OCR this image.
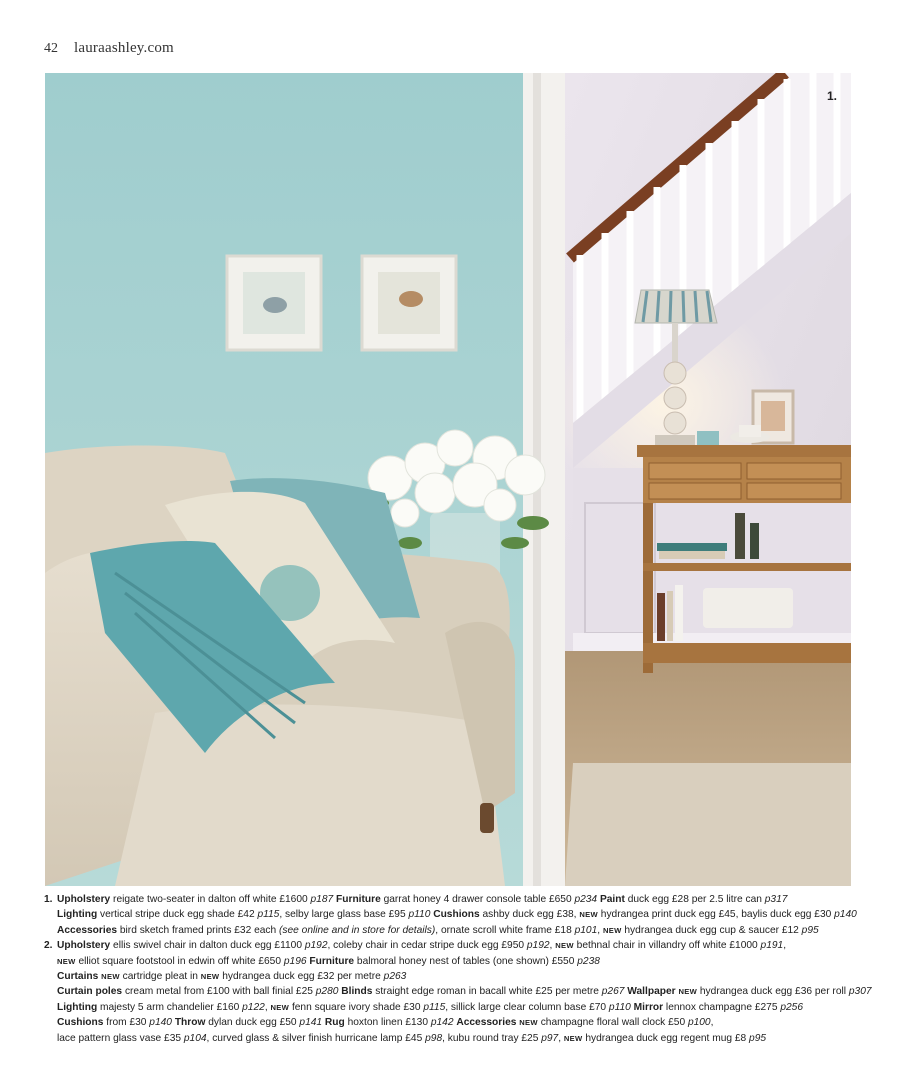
42 lauraashley.com
1.
1. Upholstery reigate two-seater in dalton off white £1600 p187 Furniture garrat honey 4 drawer console table £650 p234 Paint duck egg £28 per 2.5 litre can p317
Lighting vertical stripe duck egg shade £42 p115, selby large glass base £95 p110 Cushions ashby duck egg £38, NEW hydrangea print duck egg £45, baylis duck egg £30 p140
Accessories bird sketch framed prints £32 each (see online and in store for details), ornate scroll white frame £18 p101, NEW hydrangea duck egg cup & saucer £12 p95
2. Upholstery ellis swivel chair in dalton duck egg £1100 p192, coleby chair in cedar stripe duck egg £950 p192, NEW bethnal chair in villandry off white £1000 p191,
NEW elliot square footstool in edwin off white £650 p196 Furniture balmoral honey nest of tables (one shown) £550 p238
Curtains NEW cartridge pleat in NEW hydrangea duck egg £32 per metre p263
Curtain poles cream metal from £100 with ball finial £25 p280 Blinds straight edge roman in bacall white £25 per metre p267 Wallpaper NEW hydrangea duck egg £36 per roll p307
Lighting majesty 5 arm chandelier £160 p122, NEW fenn square ivory shade £30 p115, sillick large clear column base £70 p110 Mirror lennox champagne £275 p256
Cushions from £30 p140 Throw dylan duck egg £50 p141 Rug hoxton linen £130 p142 Accessories NEW champagne floral wall clock £50 p100,
lace pattern glass vase £35 p104, curved glass & silver finish hurricane lamp £45 p98, kubu round tray £25 p97, NEW hydrangea duck egg regent mug £8 p95
